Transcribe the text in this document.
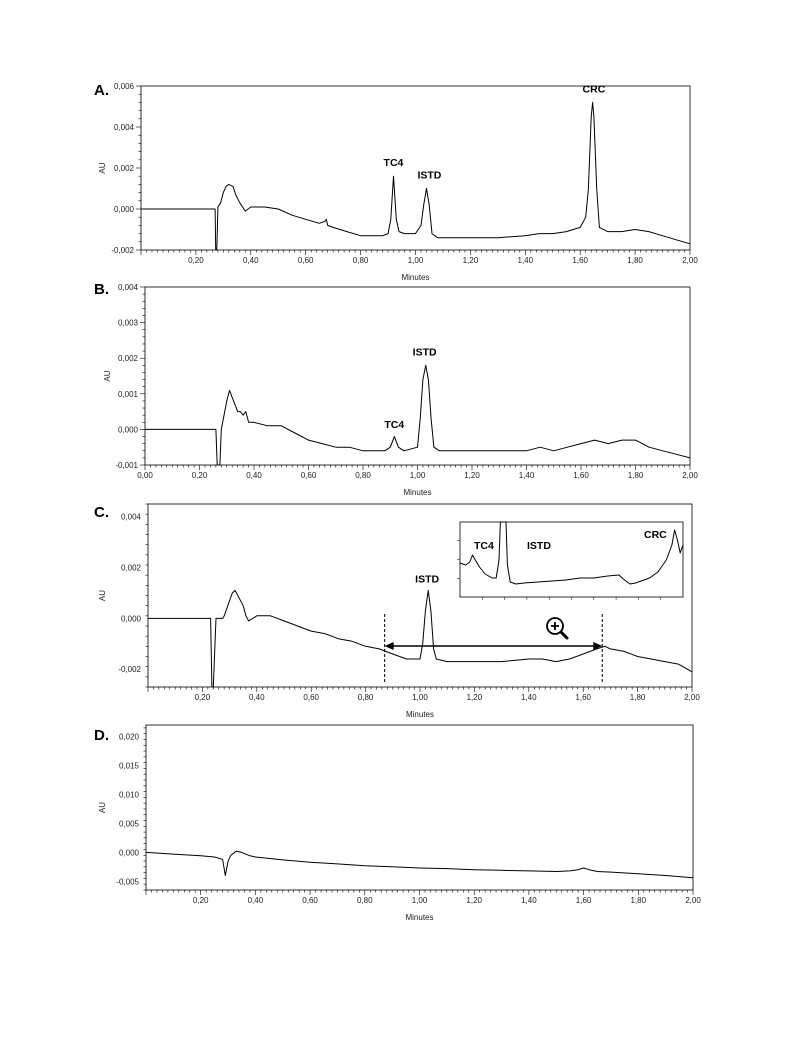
A.
AU
Minutes
0,20	0,40	0,60	0,80	1,00	1,20	1,40	1,60	1,80	2,00
-0,002
0,000
0,002
0,004
0,006
TC4
ISTD
CRC
B.
AU
Minutes
0,00	0,20	0,40	0,60	0,80	1,00	1,20	1,40	1,60	1,80	2,00
-0,001
0,000
0,001
0,002
0,003
0,004
TC4
ISTD
C.
AU
Minutes
0,20	0,40	0,60	0,80	1,00	1,20	1,40	1,60	1,80	2,00
-0,002
0,000
0,002
0,004
ISTD
TC4	ISTD
CRC
D.
AU
Minutes
0,20	0,40	0,60	0,80	1,00	1,20	1,40	1,60	1,80	2,00
-0,005
0,000
0,005
0,010
0,015
0,020
